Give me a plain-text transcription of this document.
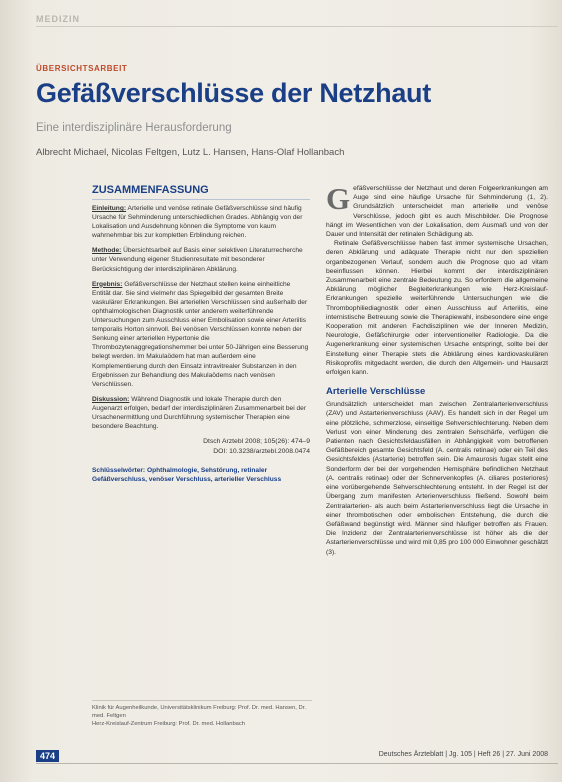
MEDIZIN
ÜBERSICHTSARBEIT
Gefäßverschlüsse der Netzhaut
Eine interdisziplinäre Herausforderung
Albrecht Michael, Nicolas Feltgen, Lutz L. Hansen, Hans-Olaf Hollanbach
ZUSAMMENFASSUNG

Einleitung: Arterielle und venöse retinale Gefäßverschlüsse sind häufig Ursache für Sehminderung unterschiedlichen Grades. Abhängig von der Lokalisation und Ausdehnung können die Symptome von kaum wahrnehmbar bis zur kompletten Erblindung reichen.

Methode: Übersichtsarbeit auf Basis einer selektiven Literaturrecherche unter Verwendung eigener Studienresultate mit besonderer Berücksichtigung der interdisziplinären Abklärung.

Ergebnis: Gefäßverschlüsse der Netzhaut stellen keine einheitliche Entität dar. Sie sind vielmehr das Spiegelbild der gesamten Breite vaskulärer Erkrankungen. Bei arteriellen Verschlüssen sind außerhalb der ophthalmologischen Diagnostik unter anderem weiterführende Untersuchungen zum Ausschluss einer Embolisation sowie einer Arteriitis temporalis Horton sinnvoll. Bei venösen Verschlüssen konnte neben der Senkung einer arteriellen Hypertonie die Thrombozytenaggregationshemmer bei unter 50-Jährigen eine Besserung belegt werden. Im Makulaödem hat man außerdem eine Komplementierung durch den Einsatz intravitrealer Substanzen in den Ergebnissen zur Behandlung des Makulaödems nach venösen Verschlüssen.

Diskussion: Während Diagnostik und lokale Therapie durch den Augenarzt erfolgen, bedarf der interdisziplinären Zusammenarbeit bei der Ursachenermittlung und Durchführung systemischer Therapien eine besondere Beachtung.

Dtsch Arztebl 2008; 105(26): 474–9
DOI: 10.3238/arztebl.2008.0474
Schlüsselwörter: Ophthalmologie, Sehstörung, retinaler Gefäßverschluss, venöser Verschluss, arterieller Verschluss
Klinik für Augenheilkunde, Universitätsklinikum Freiburg: Prof. Dr. med. Hansen, Dr. med. Feltgen
Herz-Kreislauf-Zentrum Freiburg: Prof. Dr. med. Hollanbach

Gefäßverschlüsse der Netzhaut und deren Folgeerkrankungen am Auge sind eine häufige Ursache für Sehminderung (1, 2). Grundsätzlich unterscheidet man arterielle und venöse Verschlüsse, jedoch gibt es auch Mischbilder. Die Prognose hängt im Wesentlichen von der Lokalisation, dem Ausmaß und von der Dauer und Intensität der retinalen Schädigung ab.

Retinale Gefäßverschlüsse haben fast immer systemische Ursachen, deren Abklärung und adäquate Therapie nicht nur den speziellen organbezogenen Verlauf, sondern auch die Prognose quo ad vitam beeinflussen können. Hierbei kommt der interdisziplinären Zusammenarbeit eine zentrale Bedeutung zu. So erfordern die allgemeine Abklärung möglicher Begleiterkrankungen wie Herz-Kreislauf-Erkrankungen spezielle weiterführende Untersuchungen wie die Thrombophiliediagnostik oder einen Ausschluss auf Arteriitis, eine internistische Betreuung sowie die Therapiewahl, insbesondere eine enge Kooperation mit anderen Fachdisziplinen wie der Inneren Medizin, Neurologie, Gefäßchirurgie oder interventioneller Radiologie. Da die Augenerkrankung einer systemischen Ursache entspringt, sollte bei der Einstellung einer Therapie stets die Abklärung eines kardiovaskulären Risikoprofils mitgedacht werden, die durch den Allgemein- und Hausarzt erfolgen kann.

Arterielle Verschlüsse

Grundsätzlich unterscheidet man zwischen Zentralarterienverschluss (ZAV) und Astarterienverschluss (AAV). Es handelt sich in der Regel um eine plötzliche, schmerzlose, einseitige Sehverschlechterung. Neben dem Verlust von einer Minderung des zentralen Sehschärfe, verfügen die Patienten nach Gesichtsfeldausfällen in Abhängigkeit vom betroffenen Gefäßbereich gesamte Gesichtsfeld (A. centralis retinae) oder ein Teil des Gesichtsfeldes (Astarterie) betroffen sein. Die Amaurosis fugax stellt eine Sonderform der bei der vorgehenden Hemisphäre befindlichen Netzhaut (A. centralis retinae) oder der Schnervenkopfes (A. ciliares posteriores) eine vorübergehende Sehverschlechterung entsteht. In der Regel ist der Übergang zum manifesten Arterienverschluss fließend. Sowohl beim Zentralarterien- als auch beim Astarterienverschluss liegt die Ursache in einer thrombotischen oder embolischen Entstehung, die durch die Gefäßwand begünstigt wird. Männer sind häufiger betroffen als Frauen. Die Inzidenz der Zentralarterienverschlüsse ist höher als die der Astarterienverschlüsse und wird mit 0,85 pro 100 000 Einwohner geschätzt (3).

474	Deutsches Ärzteblatt | Jg. 105 | Heft 26 | 27. Juni 2008
